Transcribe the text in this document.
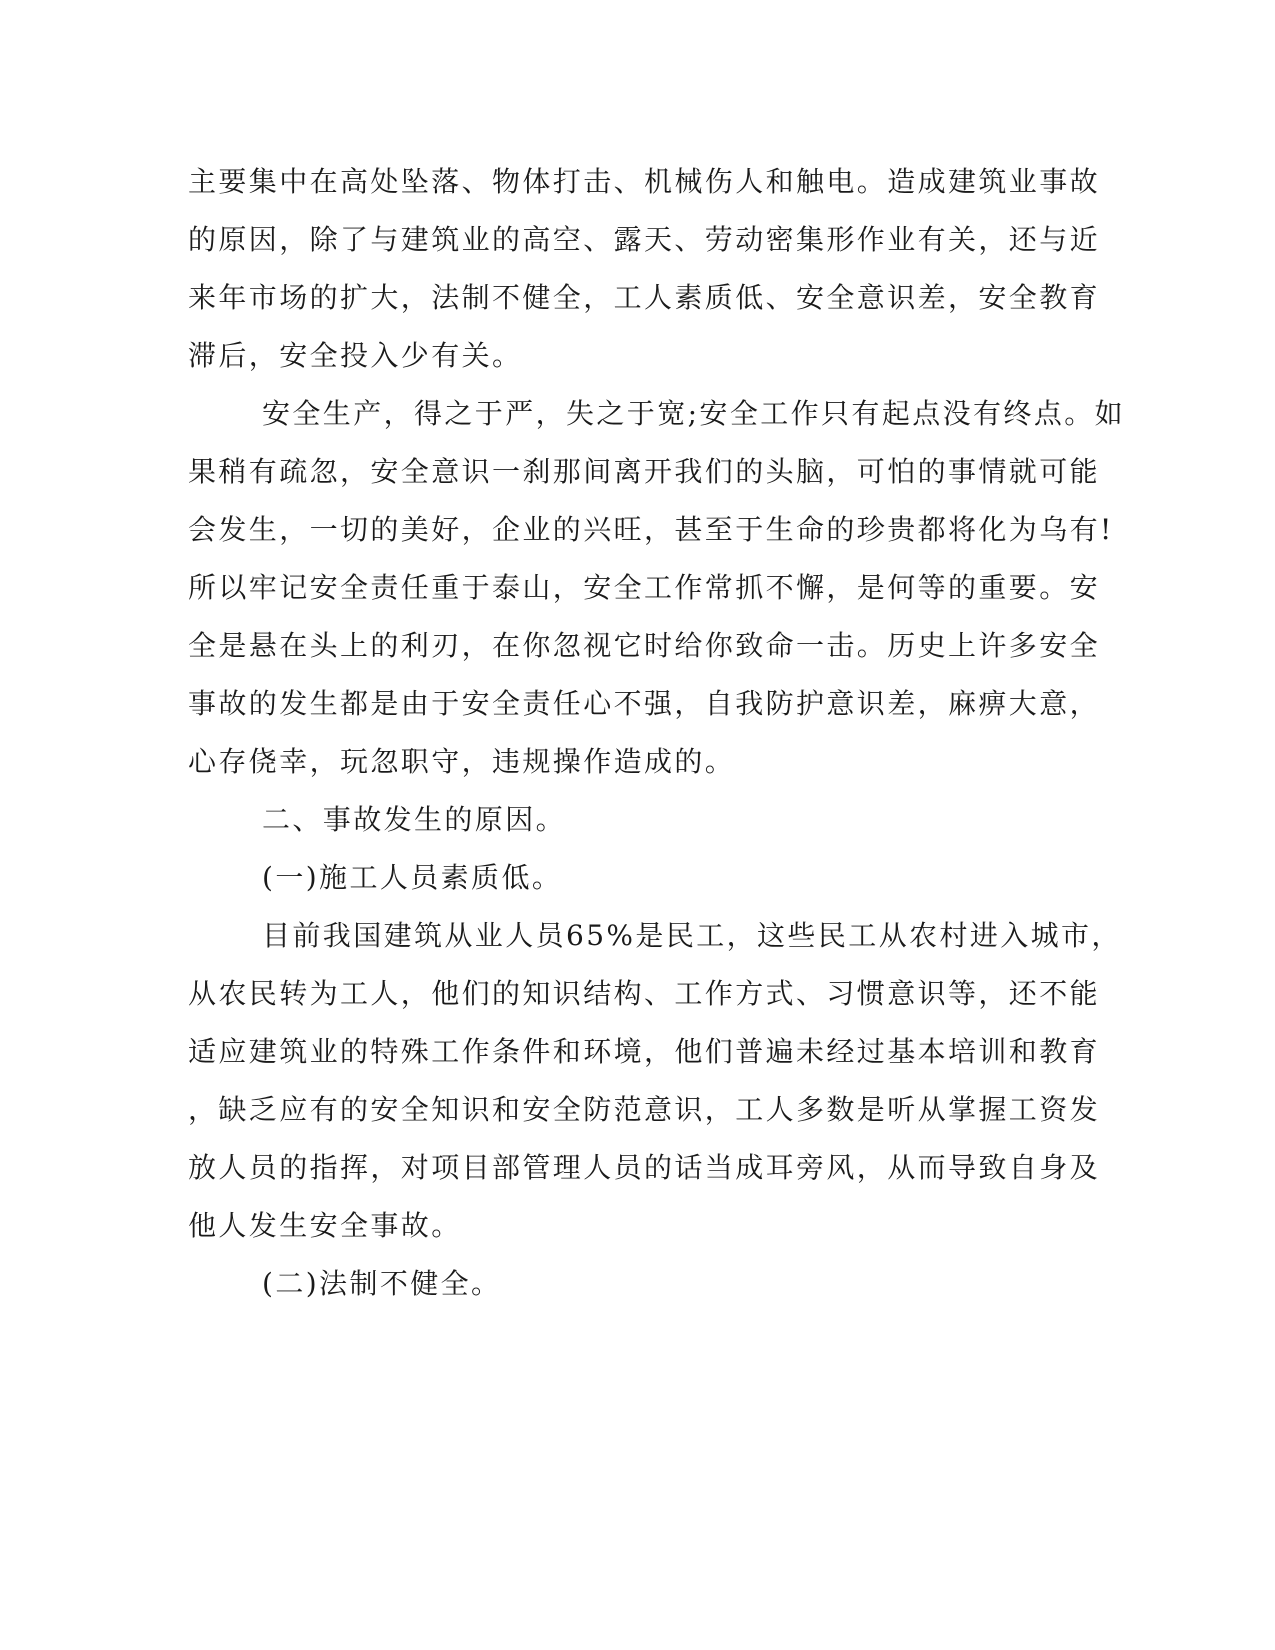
主要集中在高处坠落、物体打击、机械伤人和触电。造成建筑业事故
的原因，除了与建筑业的高空、露天、劳动密集形作业有关，还与近
来年市场的扩大，法制不健全，工人素质低、安全意识差，安全教育
滞后，安全投入少有关。
安全生产，得之于严，失之于宽;安全工作只有起点没有终点。如
果稍有疏忽，安全意识一刹那间离开我们的头脑，可怕的事情就可能
会发生，一切的美好，企业的兴旺，甚至于生命的珍贵都将化为乌有!
所以牢记安全责任重于泰山，安全工作常抓不懈，是何等的重要。安
全是悬在头上的利刃，在你忽视它时给你致命一击。历史上许多安全
事故的发生都是由于安全责任心不强，自我防护意识差，麻痹大意，
心存侥幸，玩忽职守，违规操作造成的。
二、事故发生的原因。
(一)施工人员素质低。
目前我国建筑从业人员65%是民工，这些民工从农村进入城市，
从农民转为工人，他们的知识结构、工作方式、习惯意识等，还不能
适应建筑业的特殊工作条件和环境，他们普遍未经过基本培训和教育
，缺乏应有的安全知识和安全防范意识，工人多数是听从掌握工资发
放人员的指挥，对项目部管理人员的话当成耳旁风，从而导致自身及
他人发生安全事故。
(二)法制不健全。
